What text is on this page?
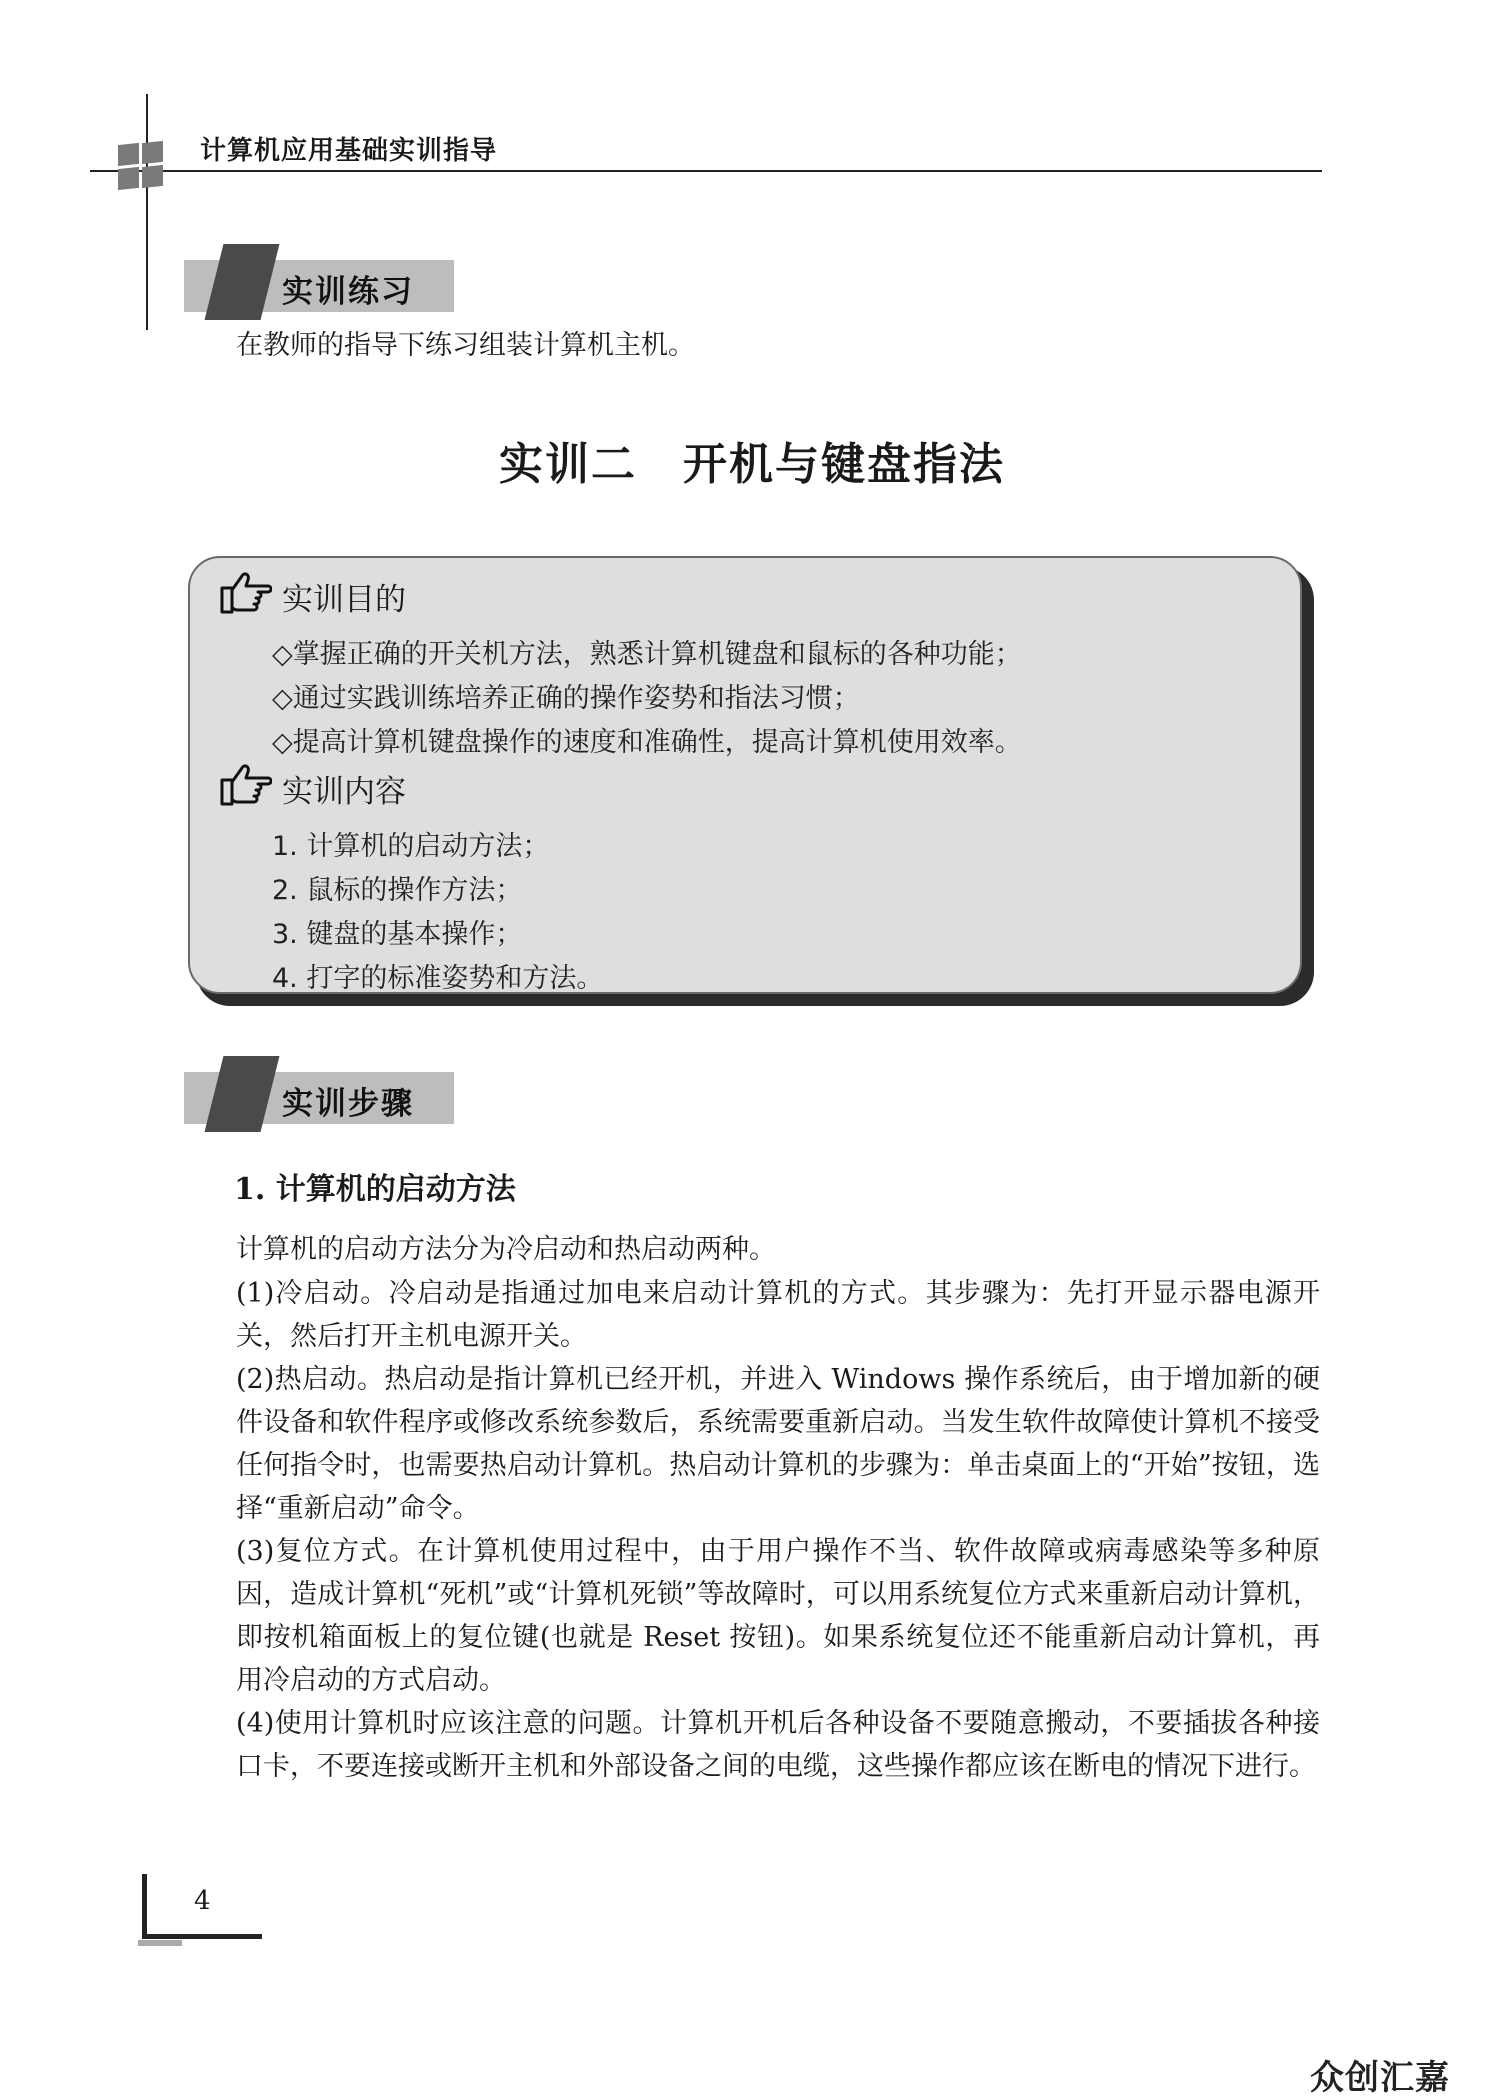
计算机应用基础实训指导
实训练习
在教师的指导下练习组装计算机主机。
实训二 开机与键盘指法
实训目的
◇掌握正确的开关机方法，熟悉计算机键盘和鼠标的各种功能；
◇通过实践训练培养正确的操作姿势和指法习惯；
◇提高计算机键盘操作的速度和准确性，提高计算机使用效率。
实训内容
1. 计算机的启动方法；
2. 鼠标的操作方法；
3. 键盘的基本操作；
4. 打字的标准姿势和方法。
实训步骤
1. 计算机的启动方法
计算机的启动方法分为冷启动和热启动两种。
(1)冷启动。冷启动是指通过加电来启动计算机的方式。其步骤为：先打开显示器电源开关，然后打开主机电源开关。
(2)热启动。热启动是指计算机已经开机，并进入 Windows 操作系统后，由于增加新的硬件设备和软件程序或修改系统参数后，系统需要重新启动。当发生软件故障使计算机不接受任何指令时，也需要热启动计算机。热启动计算机的步骤为：单击桌面上的“开始”按钮，选择“重新启动”命令。
(3)复位方式。在计算机使用过程中，由于用户操作不当、软件故障或病毒感染等多种原因，造成计算机“死机”或“计算机死锁”等故障时，可以用系统复位方式来重新启动计算机，即按机箱面板上的复位键(也就是 Reset 按钮)。如果系统复位还不能重新启动计算机，再用冷启动的方式启动。
(4)使用计算机时应该注意的问题。计算机开机后各种设备不要随意搬动，不要插拔各种接口卡，不要连接或断开主机和外部设备之间的电缆，这些操作都应该在断电的情况下进行。
4
众创汇嘉
